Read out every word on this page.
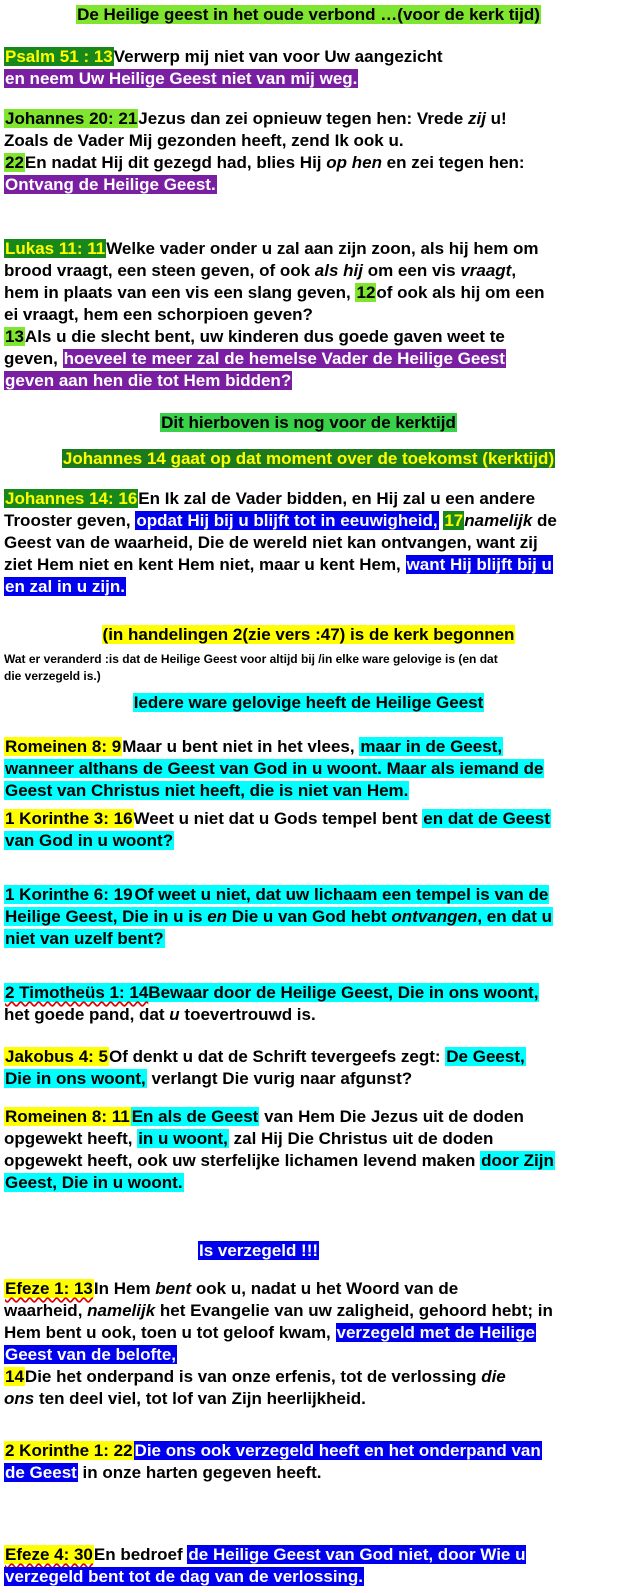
De Heilige geest in het oude verbond …(voor de kerk tijd)
Psalm 51 : 13Verwerp mij niet van voor Uw aangezicht
en neem Uw Heilige Geest niet van mij weg.
Johannes 20: 21Jezus dan zei opnieuw tegen hen: Vrede zij u!
Zoals de Vader Mij gezonden heeft, zend Ik ook u.
22En nadat Hij dit gezegd had, blies Hij op hen en zei tegen hen:
Ontvang de Heilige Geest.
Lukas 11: 11Welke vader onder u zal aan zijn zoon, als hij hem om
brood vraagt, een steen geven, of ook als hij om een vis vraagt,
hem in plaats van een vis een slang geven, 12of ook als hij om een
ei vraagt, hem een schorpioen geven?
13Als u die slecht bent, uw kinderen dus goede gaven weet te
geven, hoeveel te meer zal de hemelse Vader de Heilige Geest
geven aan hen die tot Hem bidden?
Dit hierboven is nog voor de kerktijd
Johannes 14 gaat op dat moment over de toekomst (kerktijd)
Johannes 14: 16En Ik zal de Vader bidden, en Hij zal u een andere
Trooster geven, opdat Hij bij u blijft tot in eeuwigheid, 17namelijk de
Geest van de waarheid, Die de wereld niet kan ontvangen, want zij
ziet Hem niet en kent Hem niet, maar u kent Hem, want Hij blijft bij u
en zal in u zijn.
(in handelingen 2(zie vers :47) is de kerk begonnen
Wat er veranderd :is dat de Heilige Geest voor altijd bij /in elke ware gelovige is (en dat
die verzegeld is.)
Iedere ware gelovige heeft de Heilige Geest
Romeinen 8: 9Maar u bent niet in het vlees, maar in de Geest,
wanneer althans de Geest van God in u woont. Maar als iemand de
Geest van Christus niet heeft, die is niet van Hem.
1 Korinthe 3: 16Weet u niet dat u Gods tempel bent en dat de Geest
van God in u woont?
1 Korinthe 6: 19 Of weet u niet, dat uw lichaam een tempel is van de
Heilige Geest, Die in u is en Die u van God hebt ontvangen, en dat u
niet van uzelf bent?
2 Timotheüs 1: 14Bewaar door de Heilige Geest, Die in ons woont,
het goede pand, dat u toevertrouwd is.
Jakobus 4: 5Of denkt u dat de Schrift tevergeefs zegt: De Geest,
Die in ons woont, verlangt Die vurig naar afgunst?
Romeinen 8: 11 En als de Geest van Hem Die Jezus uit de doden
opgewekt heeft, in u woont, zal Hij Die Christus uit de doden
opgewekt heeft, ook uw sterfelijke lichamen levend maken door Zijn
Geest, Die in u woont.
Is verzegeld !!!
Efeze 1: 13In Hem bent ook u, nadat u het Woord van de
waarheid, namelijk het Evangelie van uw zaligheid, gehoord hebt; in
Hem bent u ook, toen u tot geloof kwam, verzegeld met de Heilige
Geest van de belofte,
14Die het onderpand is van onze erfenis, tot de verlossing die
ons ten deel viel, tot lof van Zijn heerlijkheid.
2 Korinthe 1: 22 Die ons ook verzegeld heeft en het onderpand van
de Geest in onze harten gegeven heeft.
Efeze 4: 30En bedroef de Heilige Geest van God niet, door Wie u
verzegeld bent tot de dag van de verlossing.
